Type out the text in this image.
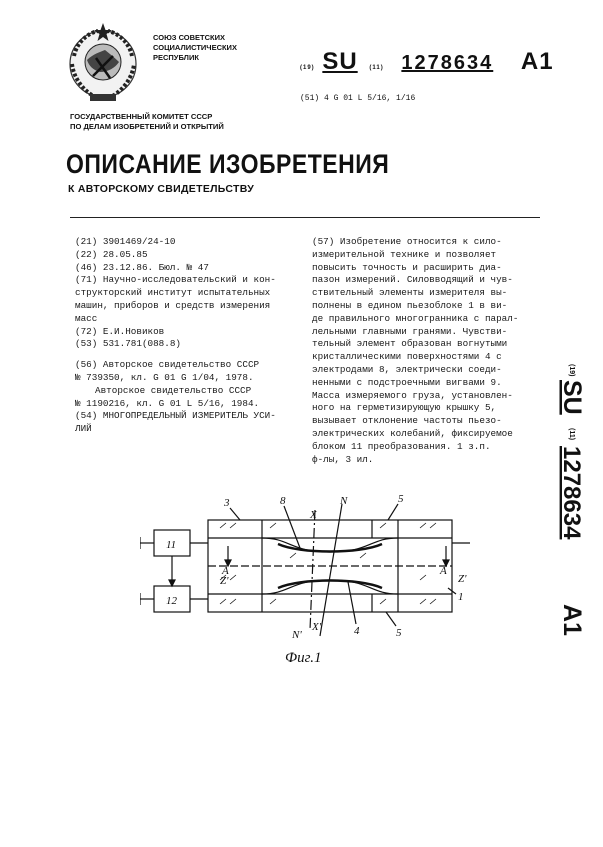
СОЮЗ СОВЕТСКИХ
СОЦИАЛИСТИЧЕСКИХ
РЕСПУБЛИК
(19) SU (11) 1278634 A1
(51) 4 G 01 L 5/16, 1/16
ГОСУДАРСТВЕННЫЙ КОМИТЕТ СССР
ПО ДЕЛАМ ИЗОБРЕТЕНИЙ И ОТКРЫТИЙ
ОПИСАНИЕ ИЗОБРЕТЕНИЯ
К АВТОРСКОМУ СВИДЕТЕЛЬСТВУ
(21) 3901469/24-10
(22) 28.05.85
(46) 23.12.86. Бюл. № 47
(71) Научно-исследовательский и кон-
структорский институт испытательных
машин, приборов и средств измерения
масс
(72) Е.И.Новиков
(53) 531.781(088.8)
(56) Авторское свидетельство СССР
№ 739350, кл. G 01 G 1/04, 1978.
Авторское свидетельство СССР
№ 1190216, кл. G 01 L 5/16, 1984.
(54) МНОГОПРЕДЕЛЬНЫЙ ИЗМЕРИТЕЛЬ УСИ-
ЛИЙ
(57) Изобретение относится к сило-
измерительной технике и позволяет
повысить точность и расширить диа-
пазон измерений. Силовводящий и чув-
ствительный элементы измерителя вы-
полнены в едином пьезоблоке 1 в ви-
де правильного многогранника с парал-
лельными главными гранями. Чувстви-
тельный элемент образован вогнутыми
кристаллическими поверхностями 4 с
электродами 8, электрически соеди-
ненными с подстроечными вигвами 9.
Масса измеряемого груза, установлен-
ного на герметизирующую крышку 5,
вызывает отклонение частоты пьезо-
электрических колебаний, фиксируемое
блоком 11 преобразования. 1 з.п.
ф-лы, 3 ил.
(19)
SU
(11)
1278634
A1
11
12
3	8
X
N	5
A
Z'
A
Z'
1
N'
X'	4	5
Фиг.1
